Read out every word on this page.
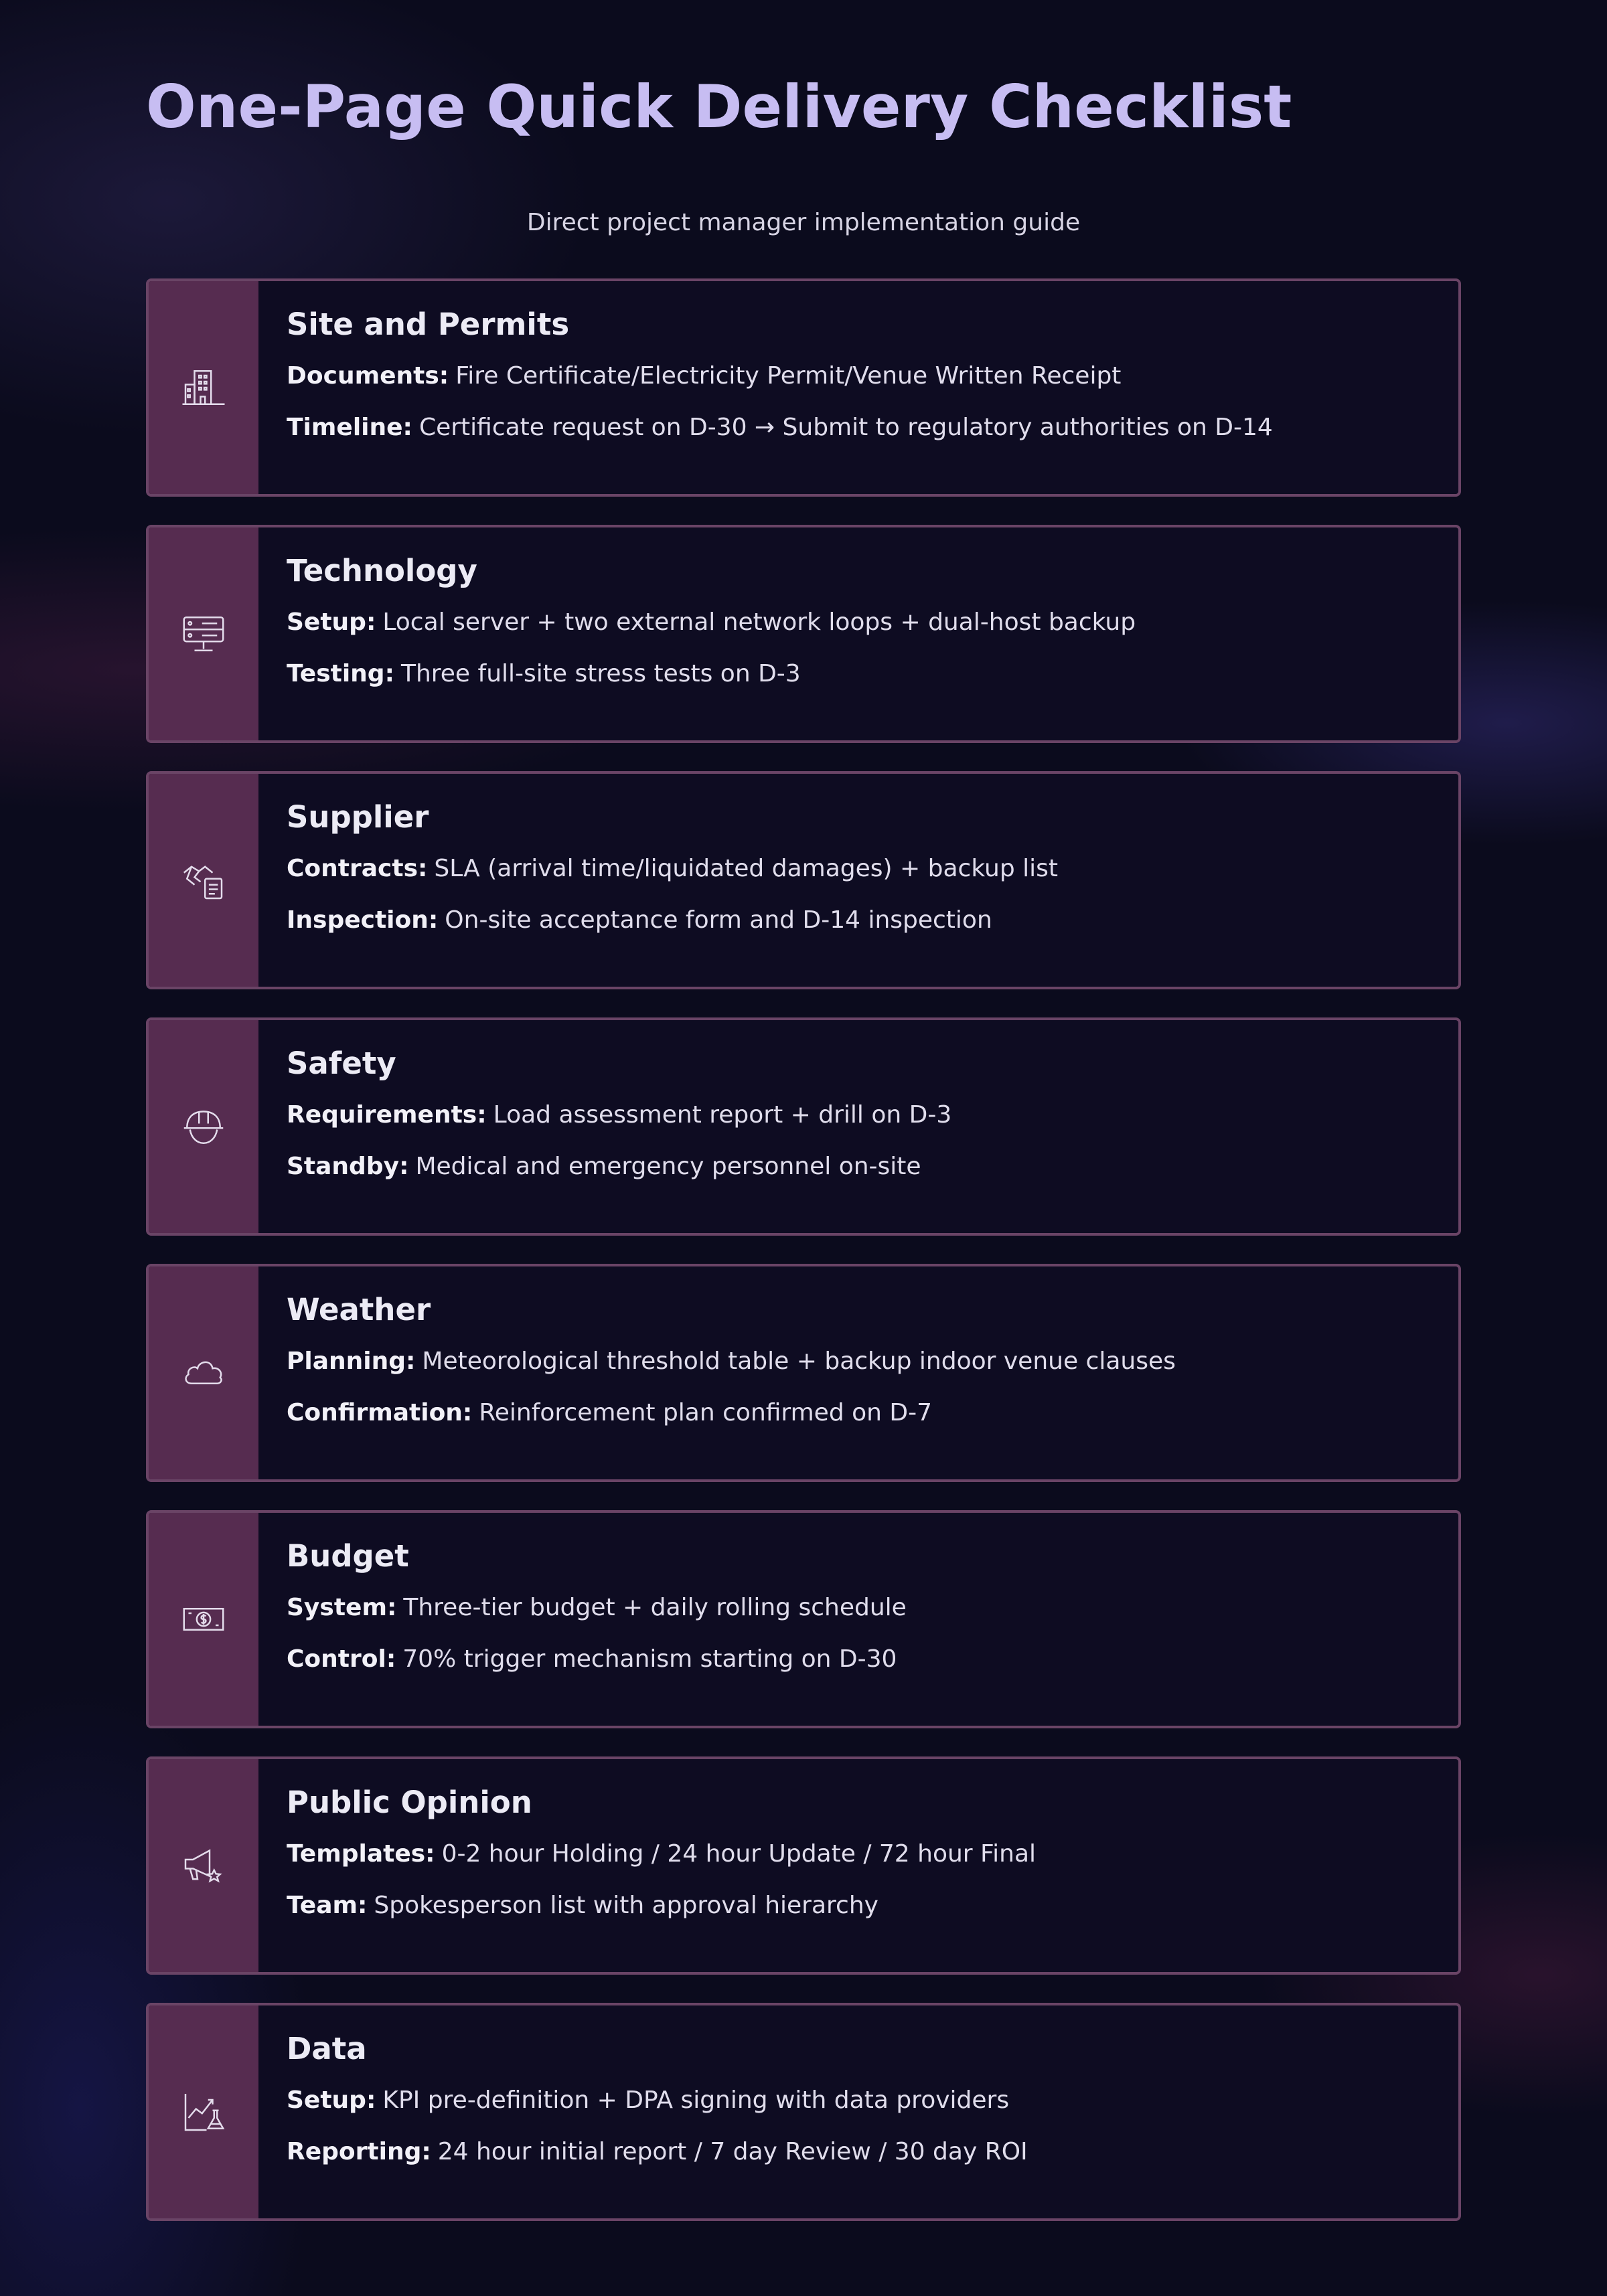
One-Page Quick Delivery Checklist
Direct project manager implementation guide
Site and Permits
Documents: Fire Certificate/Electricity Permit/Venue Written Receipt
Timeline: Certificate request on D-30 → Submit to regulatory authorities on D-14
Technology
Setup: Local server + two external network loops + dual-host backup
Testing: Three full-site stress tests on D-3
Supplier
Contracts: SLA (arrival time/liquidated damages) + backup list
Inspection: On-site acceptance form and D-14 inspection
Safety
Requirements: Load assessment report + drill on D-3
Standby: Medical and emergency personnel on-site
Weather
Planning: Meteorological threshold table + backup indoor venue clauses
Confirmation: Reinforcement plan confirmed on D-7
Budget
System: Three-tier budget + daily rolling schedule
Control: 70% trigger mechanism starting on D-30
Public Opinion
Templates: 0-2 hour Holding / 24 hour Update / 72 hour Final
Team: Spokesperson list with approval hierarchy
Data
Setup: KPI pre-definition + DPA signing with data providers
Reporting: 24 hour initial report / 7 day Review / 30 day ROI
